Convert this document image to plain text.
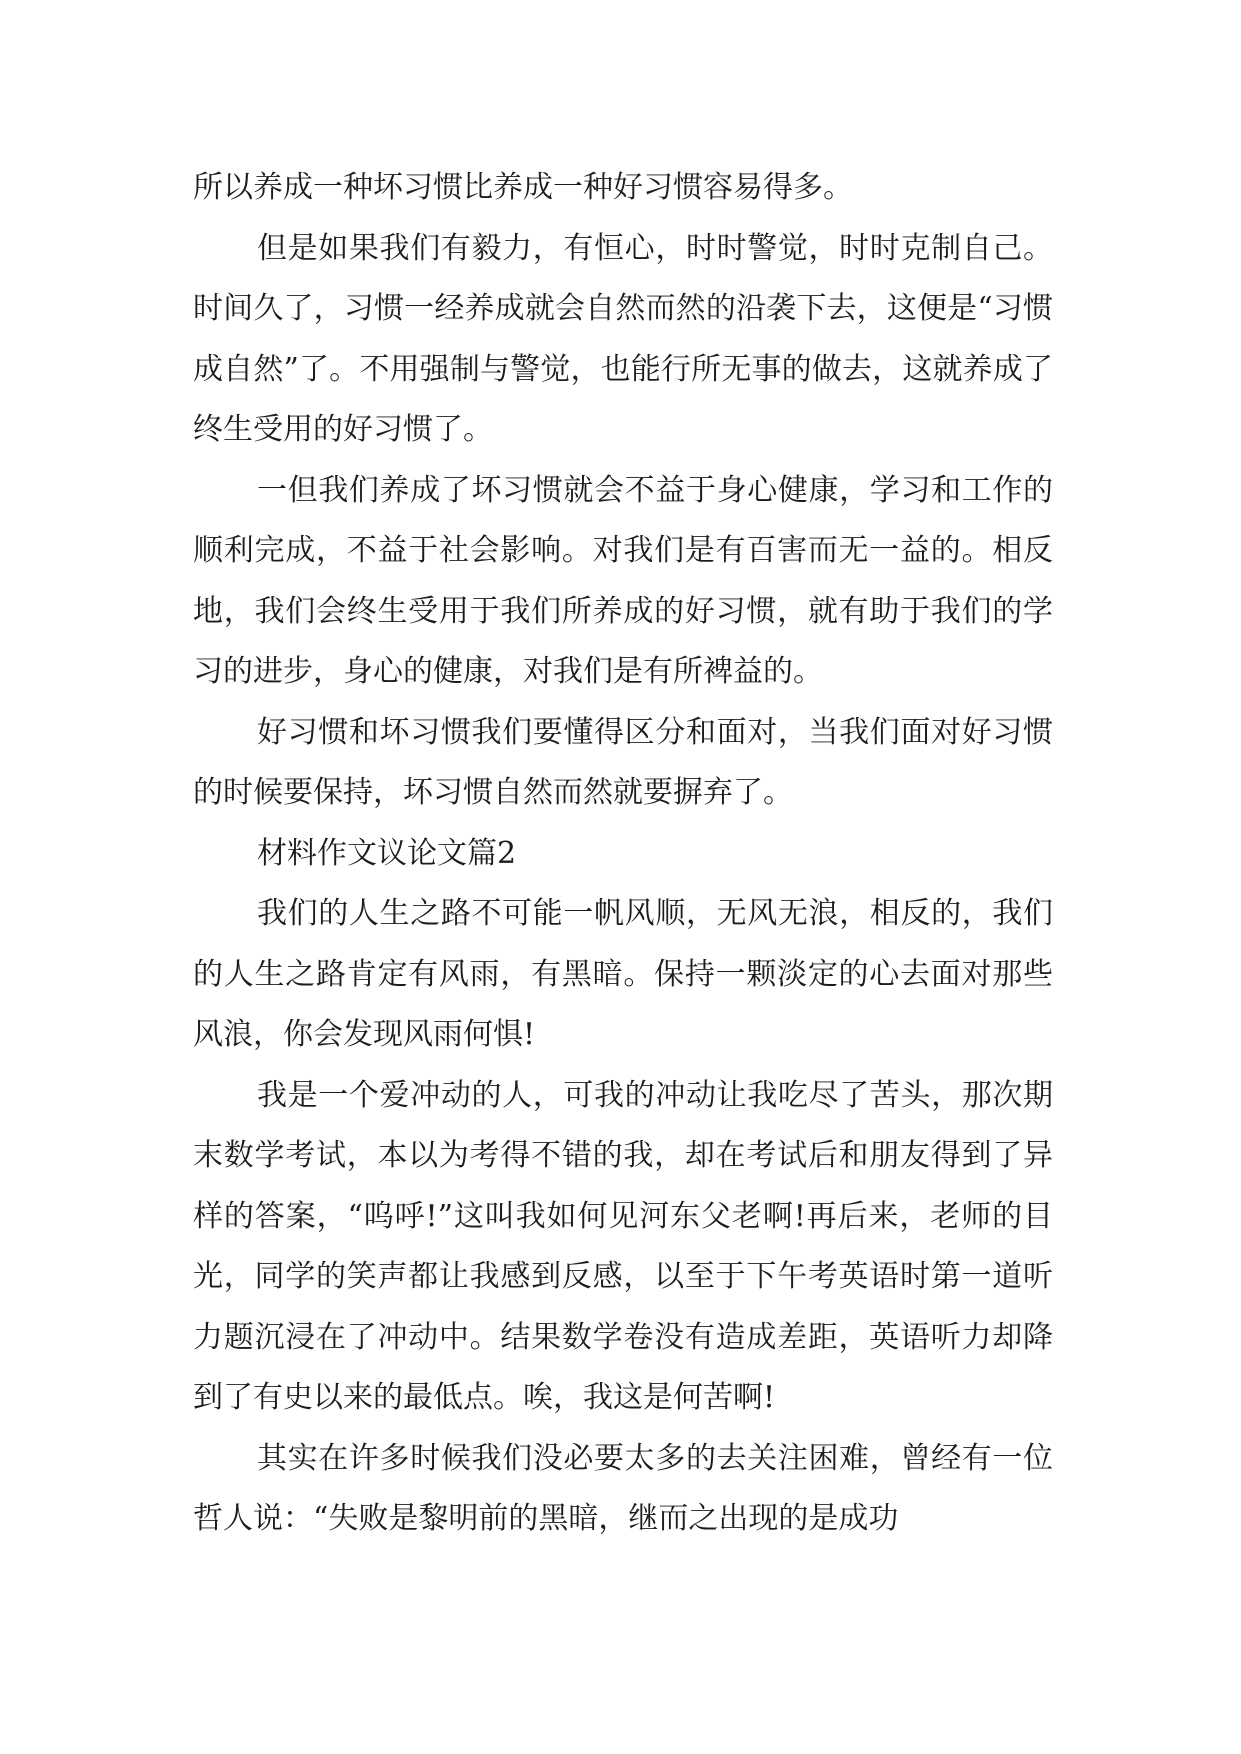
所以养成一种坏习惯比养成一种好习惯容易得多。

但是如果我们有毅力，有恒心，时时警觉，时时克制自己。时间久了，习惯一经养成就会自然而然的沿袭下去，这便是“习惯成自然”了。不用强制与警觉，也能行所无事的做去，这就养成了终生受用的好习惯了。

一但我们养成了坏习惯就会不益于身心健康，学习和工作的顺利完成，不益于社会影响。对我们是有百害而无一益的。相反地，我们会终生受用于我们所养成的好习惯，就有助于我们的学习的进步，身心的健康，对我们是有所裨益的。

好习惯和坏习惯我们要懂得区分和面对，当我们面对好习惯的时候要保持，坏习惯自然而然就要摒弃了。

材料作文议论文篇2

我们的人生之路不可能一帆风顺，无风无浪，相反的，我们的人生之路肯定有风雨，有黑暗。保持一颗淡定的心去面对那些风浪，你会发现风雨何惧!

我是一个爱冲动的人，可我的冲动让我吃尽了苦头，那次期末数学考试，本以为考得不错的我，却在考试后和朋友得到了异样的答案，“呜呼!”这叫我如何见河东父老啊!再后来，老师的目光，同学的笑声都让我感到反感，以至于下午考英语时第一道听力题沉浸在了冲动中。结果数学卷没有造成差距，英语听力却降到了有史以来的最低点。唉，我这是何苦啊!

其实在许多时候我们没必要太多的去关注困难，曾经有一位哲人说：“失败是黎明前的黑暗，继而之出现的是成功
